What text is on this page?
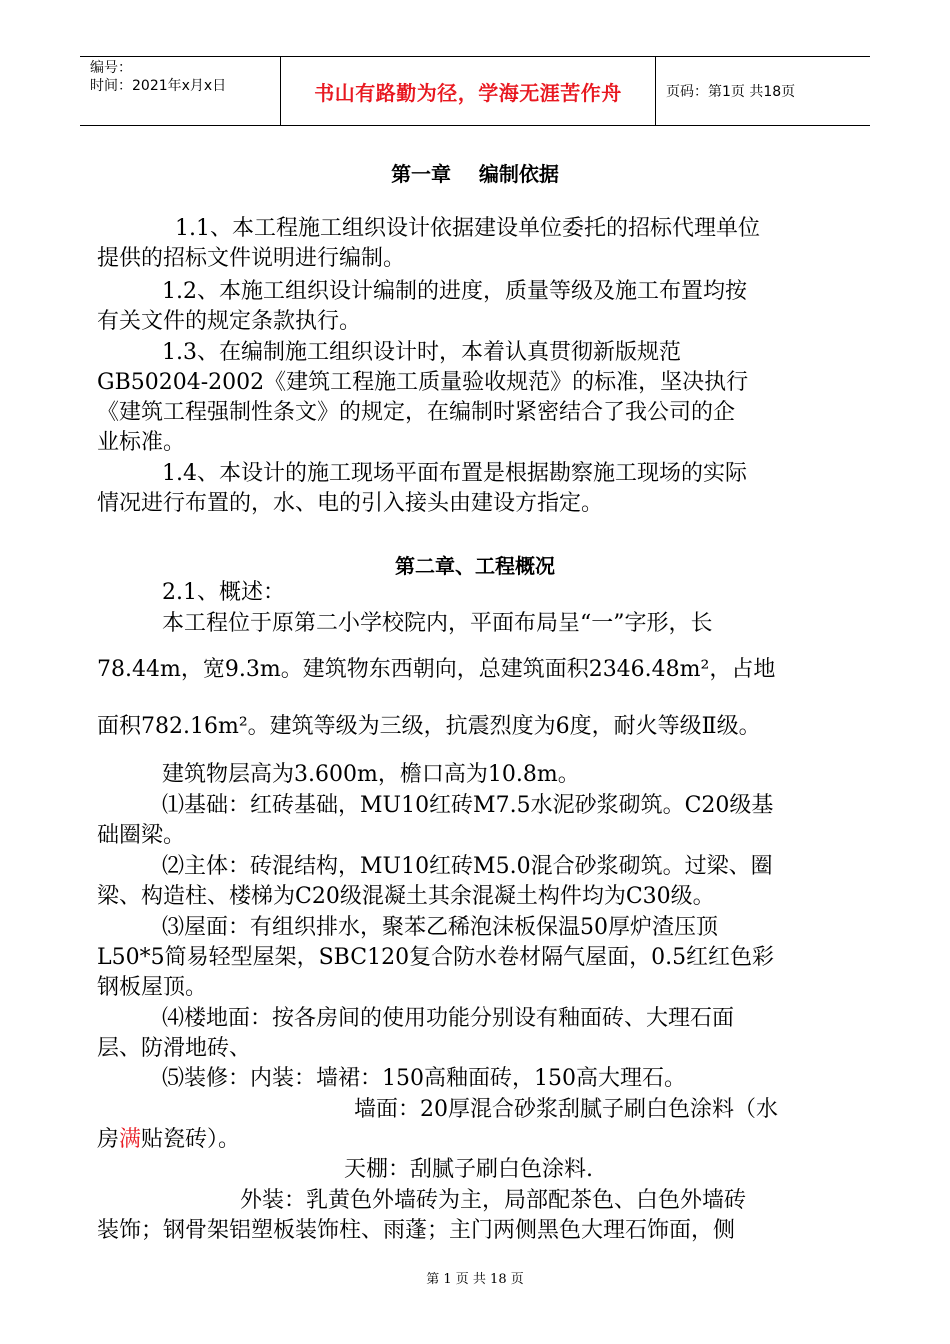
编号：
时间：2021年x月x日	书山有路勤为径，学海无涯苦作舟	页码：第1页 共18页
第一章    编制依据
1.1、本工程施工组织设计依据建设单位委托的招标代理单位
提供的招标文件说明进行编制。
1.2、本施工组织设计编制的进度，质量等级及施工布置均按
有关文件的规定条款执行。
1.3、在编制施工组织设计时，本着认真贯彻新版规范
GB50204-2002《建筑工程施工质量验收规范》的标准，坚决执行
《建筑工程强制性条文》的规定，在编制时紧密结合了我公司的企
业标准。
1.4、本设计的施工现场平面布置是根据勘察施工现场的实际
情况进行布置的，水、电的引入接头由建设方指定。
第二章、工程概况
2.1、概述：
本工程位于原第二小学校院内，平面布局呈“一”字形，长
78.44m，宽9.3m。建筑物东西朝向，总建筑面积2346.48m²，占地
面积782.16m²。建筑等级为三级，抗震烈度为6度，耐火等级Ⅱ级。
建筑物层高为3.600m，檐口高为10.8m。
⑴基础：红砖基础，MU10红砖M7.5水泥砂浆砌筑。C20级基
础圈梁。
⑵主体：砖混结构，MU10红砖M5.0混合砂浆砌筑。过梁、圈
梁、构造柱、楼梯为C20级混凝土其余混凝土构件均为C30级。
⑶屋面：有组织排水，聚苯乙稀泡沫板保温50厚炉渣压顶
L50*5简易轻型屋架，SBC120复合防水卷材隔气屋面，0.5红红色彩
钢板屋顶。
⑷楼地面：按各房间的使用功能分别设有釉面砖、大理石面
层、防滑地砖、
⑸装修：内装：墙裙：150高釉面砖，150高大理石。
墙面：20厚混合砂浆刮腻子刷白色涂料（水
房满贴瓷砖）。
天棚：刮腻子刷白色涂料.
外装：乳黄色外墙砖为主，局部配茶色、白色外墙砖
装饰；钢骨架铝塑板装饰柱、雨蓬；主门两侧黑色大理石饰面，侧
第 1 页 共 18 页
